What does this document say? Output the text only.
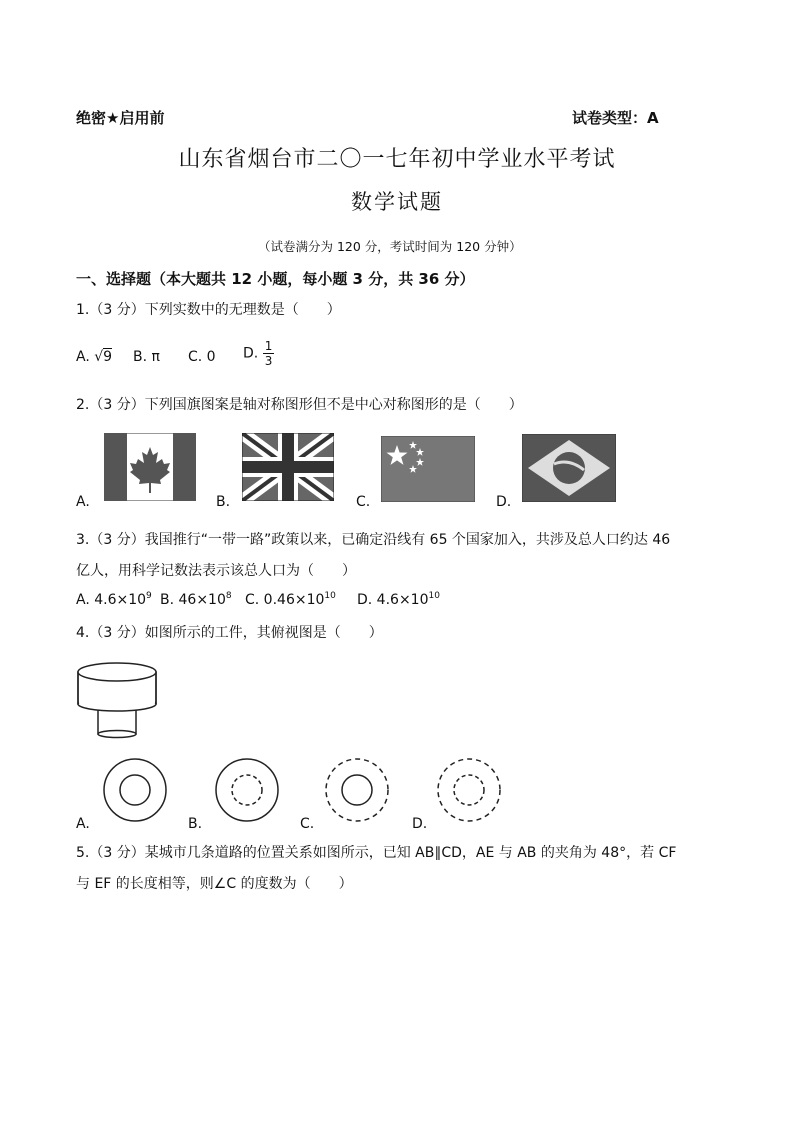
绝密★启用前	试卷类型：A
山东省烟台市二〇一七年初中学业水平考试
数学试题
（试卷满分为 120 分，考试时间为 120 分钟）
一、选择题（本大题共 12 小题，每小题 3 分，共 36 分）
1.（3 分）下列实数中的无理数是（　　）
A. √9 B. π C. 0 D. $\frac{1}{3}$
2.（3 分）下列国旗图案是轴对称图形但不是中心对称图形的是（　　）
A.	B.	C.	D.
3.（3 分）我国推行“一带一路”政策以来，已确定沿线有 65 个国家加入，共涉及总人口约达 46
亿人，用科学记数法表示该总人口为（　　）
A. $4.6\times 10^9$ B. $46\times 10^8$ C. $0.46\times 10^{10}$ D. $4.6\times 10^{10}$
4.（3 分）如图所示的工件，其俯视图是（　　）
A.	B.	C.	D.
5.（3 分）某城市几条道路的位置关系如图所示，已知 AB∥CD，AE 与 AB 的夹角为 48°，若 CF
与 EF 的长度相等，则∠C 的度数为（　　）
